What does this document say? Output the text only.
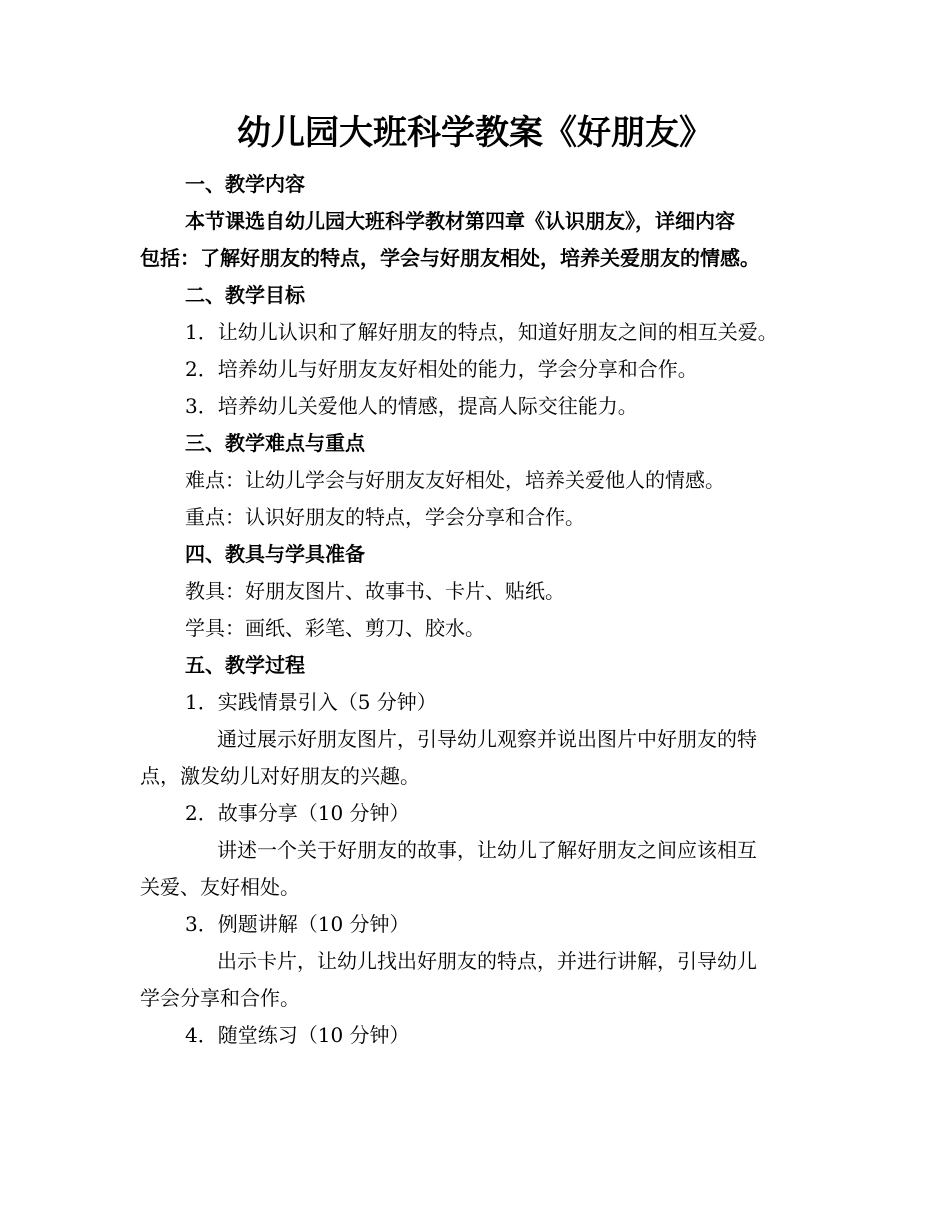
幼儿园大班科学教案《好朋友》

一、教学内容

本节课选自幼儿园大班科学教材第四章《认识朋友》，详细内容

包括：了解好朋友的特点，学会与好朋友相处，培养关爱朋友的情感。

二、教学目标

1．让幼儿认识和了解好朋友的特点，知道好朋友之间的相互关爱。

2．培养幼儿与好朋友友好相处的能力，学会分享和合作。

3．培养幼儿关爱他人的情感，提高人际交往能力。

三、教学难点与重点

难点：让幼儿学会与好朋友友好相处，培养关爱他人的情感。

重点：认识好朋友的特点，学会分享和合作。

四、教具与学具准备

教具：好朋友图片、故事书、卡片、贴纸。

学具：画纸、彩笔、剪刀、胶水。

五、教学过程

1．实践情景引入（5 分钟）

通过展示好朋友图片，引导幼儿观察并说出图片中好朋友的特

点，激发幼儿对好朋友的兴趣。

2．故事分享（10 分钟）

讲述一个关于好朋友的故事，让幼儿了解好朋友之间应该相互

关爱、友好相处。

3．例题讲解（10 分钟）

出示卡片，让幼儿找出好朋友的特点，并进行讲解，引导幼儿

学会分享和合作。

4．随堂练习（10 分钟）
